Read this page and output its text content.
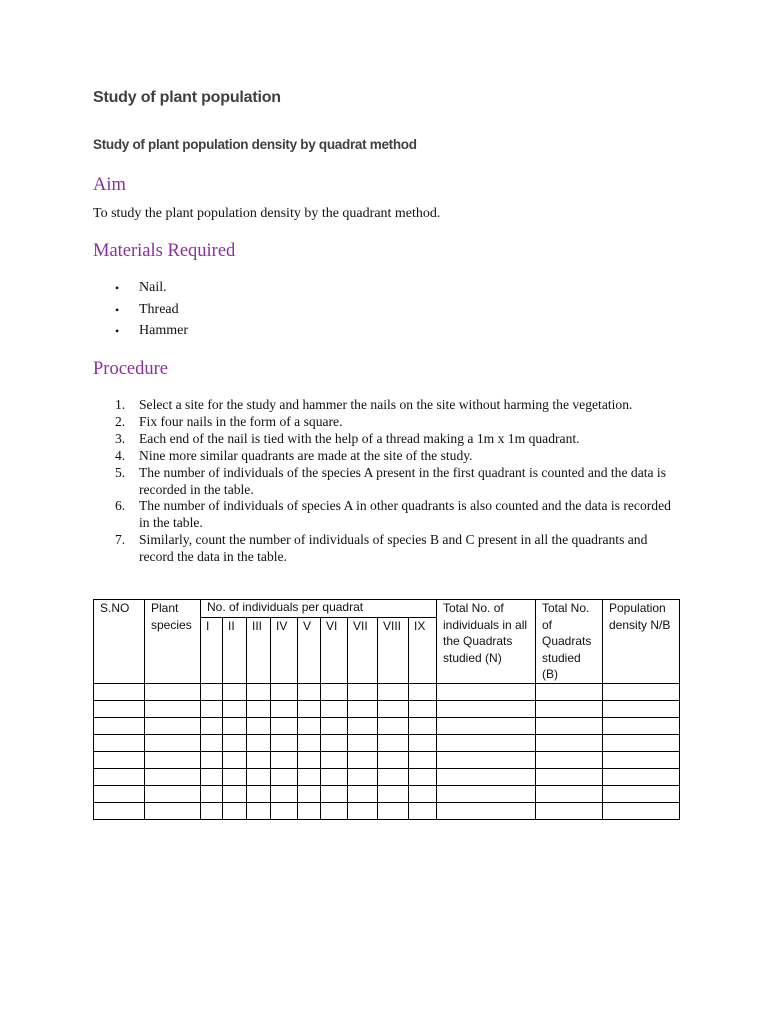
Study of plant population
Study of plant population density by quadrat method
Aim
To study the plant population density by the quadrant method.
Materials Required
• Nail.
• Thread
• Hammer
Procedure
1. Select a site for the study and hammer the nails on the site without harming the vegetation.
2. Fix four nails in the form of a square.
3. Each end of the nail is tied with the help of a thread making a 1m x 1m quadrant.
4. Nine more similar quadrants are made at the site of the study.
5. The number of individuals of the species A present in the first quadrant is counted and the data is recorded in the table.
6. The number of individuals of species A in other quadrants is also counted and the data is recorded in the table.
7. Similarly, count the number of individuals of species B and C present in all the quadrants and record the data in the table.
S.NO	Plant species	No. of individuals per quadrat									Total No. of individuals in all the Quadrats studied (N)	Total No. of Quadrats studied (B)	Population density N/B
		I	II	III	IV	V	VI	VII	VIII	IX			
